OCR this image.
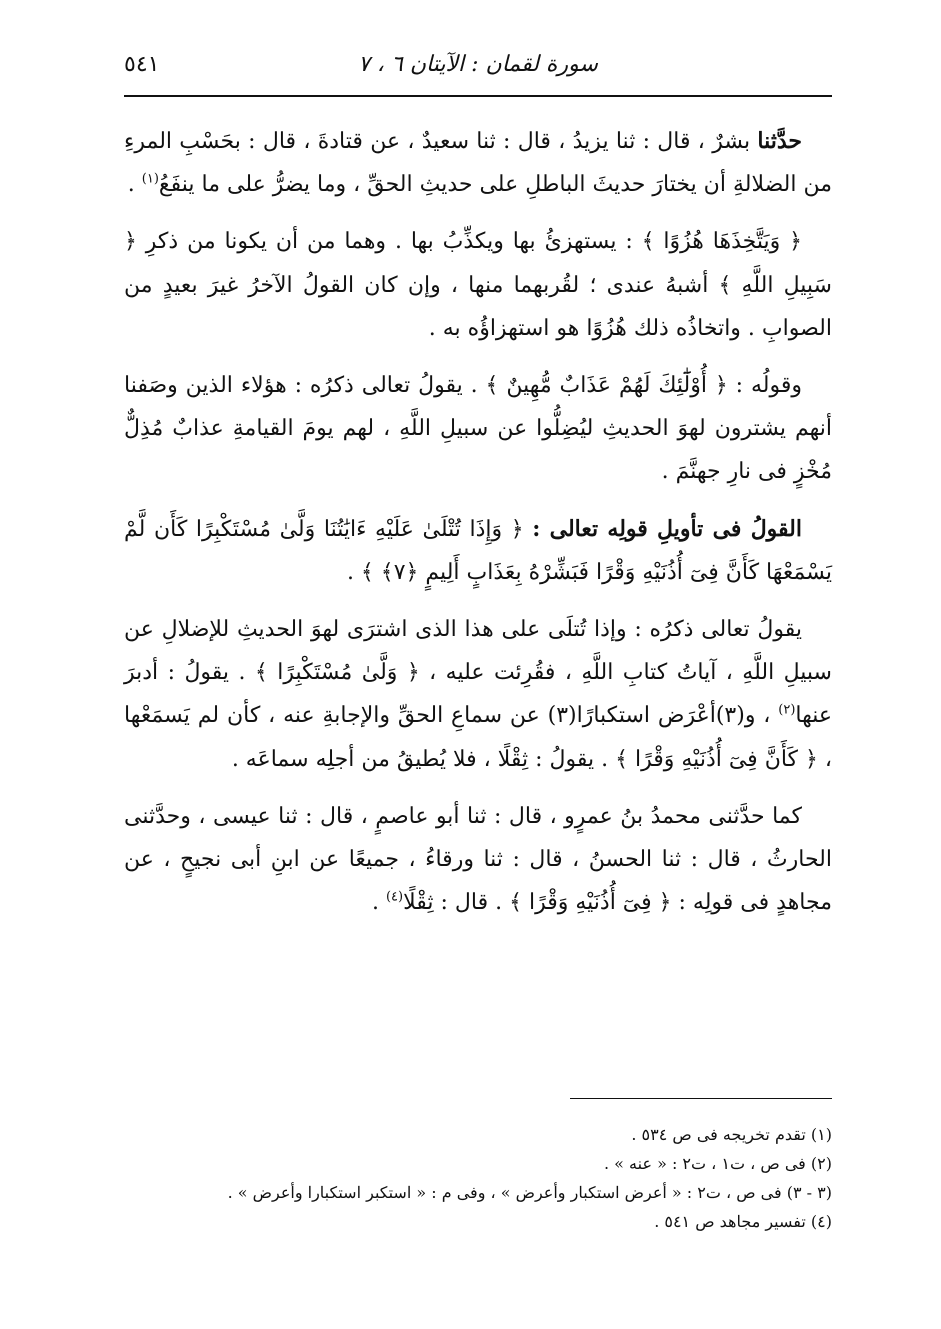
سورة لقمان : الآيتان ٦ ، ٧
٥٤١

حدَّثنا بشرٌ ، قال : ثنا يزيدُ ، قال : ثنا سعيدٌ ، عن قتادةَ ، قال : بحَسْبِ المرءِ من الضلالةِ أن يختارَ حديثَ الباطلِ على حديثِ الحقِّ ، وما يضرُّ على ما ينفَعُ$^{(١)}$ .

﴿ وَيَتَّخِذَهَا هُزُوًا ﴾ : يستهزئُ بها ويكذِّبُ بها . وهما من أن يكونا من ذكرِ ﴿ سَبِيلِ اللَّهِ ﴾ أشبهُ عندى ؛ لقُربهما منها ، وإن كان القولُ الآخرُ غيرَ بعيدٍ من الصوابِ . واتخاذُه ذلك هُزُوًا هو استهزاؤُه به .

وقولُه : ﴿ أُوْلَٰٓئِكَ لَهُمْ عَذَابٌ مُّهِينٌ ﴾ . يقولُ تعالى ذكرُه : هؤلاء الذين وصَفنا أنهم يشترون لهوَ الحديثِ ليُضِلُّوا عن سبيلِ اللَّهِ ، لهم يومَ القيامةِ عذابٌ مُذِلٌّ مُخْزٍ فى نارِ جهنَّمَ .

القولُ فى تأويلِ قولِه تعالى : ﴿ وَإِذَا تُتْلَىٰ عَلَيْهِ ءَايَٰتُنَا وَلَّىٰ مُسْتَكْبِرًا كَأَن لَّمْ يَسْمَعْهَا كَأَنَّ فِىٓ أُذُنَيْهِ وَقْرًا فَبَشِّرْهُ بِعَذَابٍ أَلِيمٍ ﴿٧﴾ ﴾ .

يقولُ تعالى ذكرُه : وإذا تُتلَى على هذا الذى اشترَى لهوَ الحديثِ للإضلالِ عن سبيلِ اللَّهِ ، آياتُ كتابِ اللَّهِ ، فقُرِئت عليه ، ﴿ وَلَّىٰ مُسْتَكْبِرًا ﴾ . يقولُ : أدبرَ عنها$^{(٢)}$ ، و(٣)أعْرَض استكبارًا(٣) عن سماعِ الحقِّ والإجابةِ عنه ، كأن لم يَسمَعْها ، ﴿ كَأَنَّ فِىٓ أُذُنَيْهِ وَقْرًا ﴾ . يقولُ : ثِقْلًا ، فلا يُطيقُ من أجلِه سماعَه .

كما حدَّثنى محمدُ بنُ عمرٍو ، قال : ثنا أبو عاصمٍ ، قال : ثنا عيسى ، وحدَّثنى الحارثُ ، قال : ثنا الحسنُ ، قال : ثنا ورقاءُ ، جميعًا عن ابنِ أبى نجيحٍ ، عن مجاهدٍ فى قولِه : ﴿ فِىٓ أُذُنَيْهِ وَقْرًا ﴾ . قال : ثِقْلًا$^{(٤)}$ .

(١) تقدم تخريجه فى ص ٥٣٤ .

(٢) فى ص ، ت١ ، ت٢ : « عنه » .

(٣ - ٣) فى ص ، ت٢ : « أعرض استكبار وأعرض » ، وفى م : « استكبر استكبارا وأعرض » .

(٤) تفسير مجاهد ص ٥٤١ .
